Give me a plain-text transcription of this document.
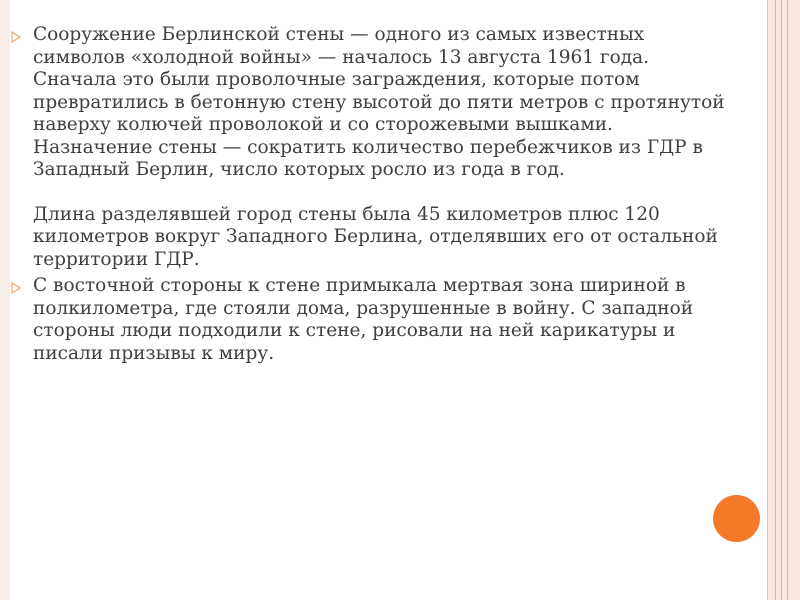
Сооружение Берлинской стены — одного из самых известных символов «холодной войны» — началось 13 августа 1961 года. Сначала это были проволочные заграждения, которые потом превратились в бетонную стену высотой до пяти метров с протянутой наверху колючей проволокой и со сторожевыми вышками. Назначение стены — сократить количество перебежчиков из ГДР в Западный Берлин, число которых росло из года в год.

Длина разделявшей город стены была 45 километров плюс 120 километров вокруг Западного Берлина, отделявших его от остальной территории ГДР.

С восточной стороны к стене примыкала мертвая зона шириной в полкилометра, где стояли дома, разрушенные в войну. С западной стороны люди подходили к стене, рисовали на ней карикатуры и писали призывы к миру.
